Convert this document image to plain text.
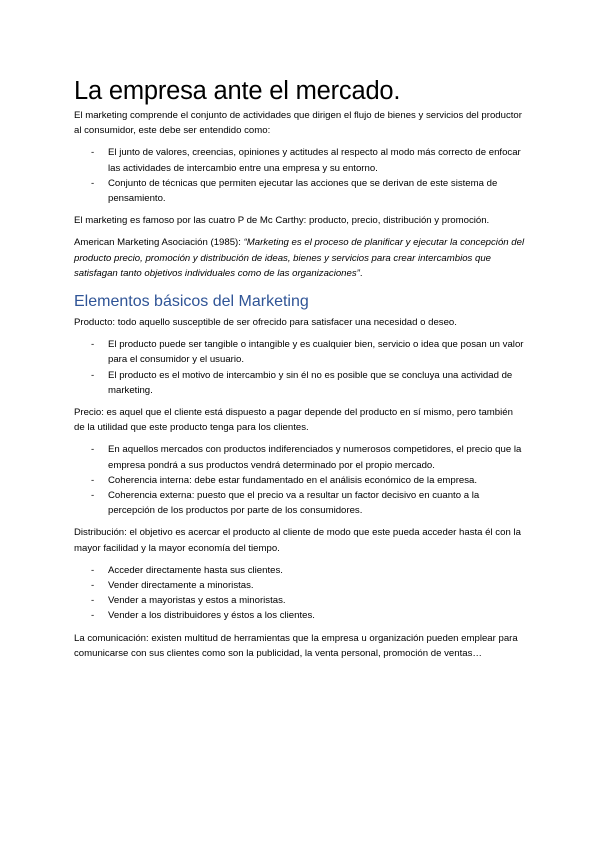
La empresa ante el mercado.

El marketing comprende el conjunto de actividades que dirigen el flujo de bienes y servicios del productor al consumidor, este debe ser entendido como:

- El junto de valores, creencias, opiniones y actitudes al respecto al modo más correcto de enfocar las actividades de intercambio entre una empresa y su entorno.
- Conjunto de técnicas que permiten ejecutar las acciones que se derivan de este sistema de pensamiento.

El marketing es famoso por las cuatro P de Mc Carthy: producto, precio, distribución y promoción.

American Marketing Asociación (1985): “Marketing es el proceso de planificar y ejecutar la concepción del producto precio, promoción y distribución de ideas, bienes y servicios para crear intercambios que satisfagan tanto objetivos individuales como de las organizaciones”.

Elementos básicos del Marketing

Producto: todo aquello susceptible de ser ofrecido para satisfacer una necesidad o deseo.

- El producto puede ser tangible o intangible y es cualquier bien, servicio o idea que posan un valor para el consumidor y el usuario.
- El producto es el motivo de intercambio y sin él no es posible que se concluya una actividad de marketing.

Precio: es aquel que el cliente está dispuesto a pagar depende del producto en sí mismo, pero también de la utilidad que este producto tenga para los clientes.

- En aquellos mercados con productos indiferenciados y numerosos competidores, el precio que la empresa pondrá a sus productos vendrá determinado por el propio mercado.
- Coherencia interna: debe estar fundamentado en el análisis económico de la empresa.
- Coherencia externa: puesto que el precio va a resultar un factor decisivo en cuanto a la percepción de los productos por parte de los consumidores.

Distribución: el objetivo es acercar el producto al cliente de modo que este pueda acceder hasta él con la mayor facilidad y la mayor economía del tiempo.

- Acceder directamente hasta sus clientes.
- Vender directamente a minoristas.
- Vender a mayoristas y estos a minoristas.
- Vender a los distribuidores y éstos a los clientes.

La comunicación: existen multitud de herramientas que la empresa u organización pueden emplear para comunicarse con sus clientes como son la publicidad, la venta personal, promoción de ventas…
